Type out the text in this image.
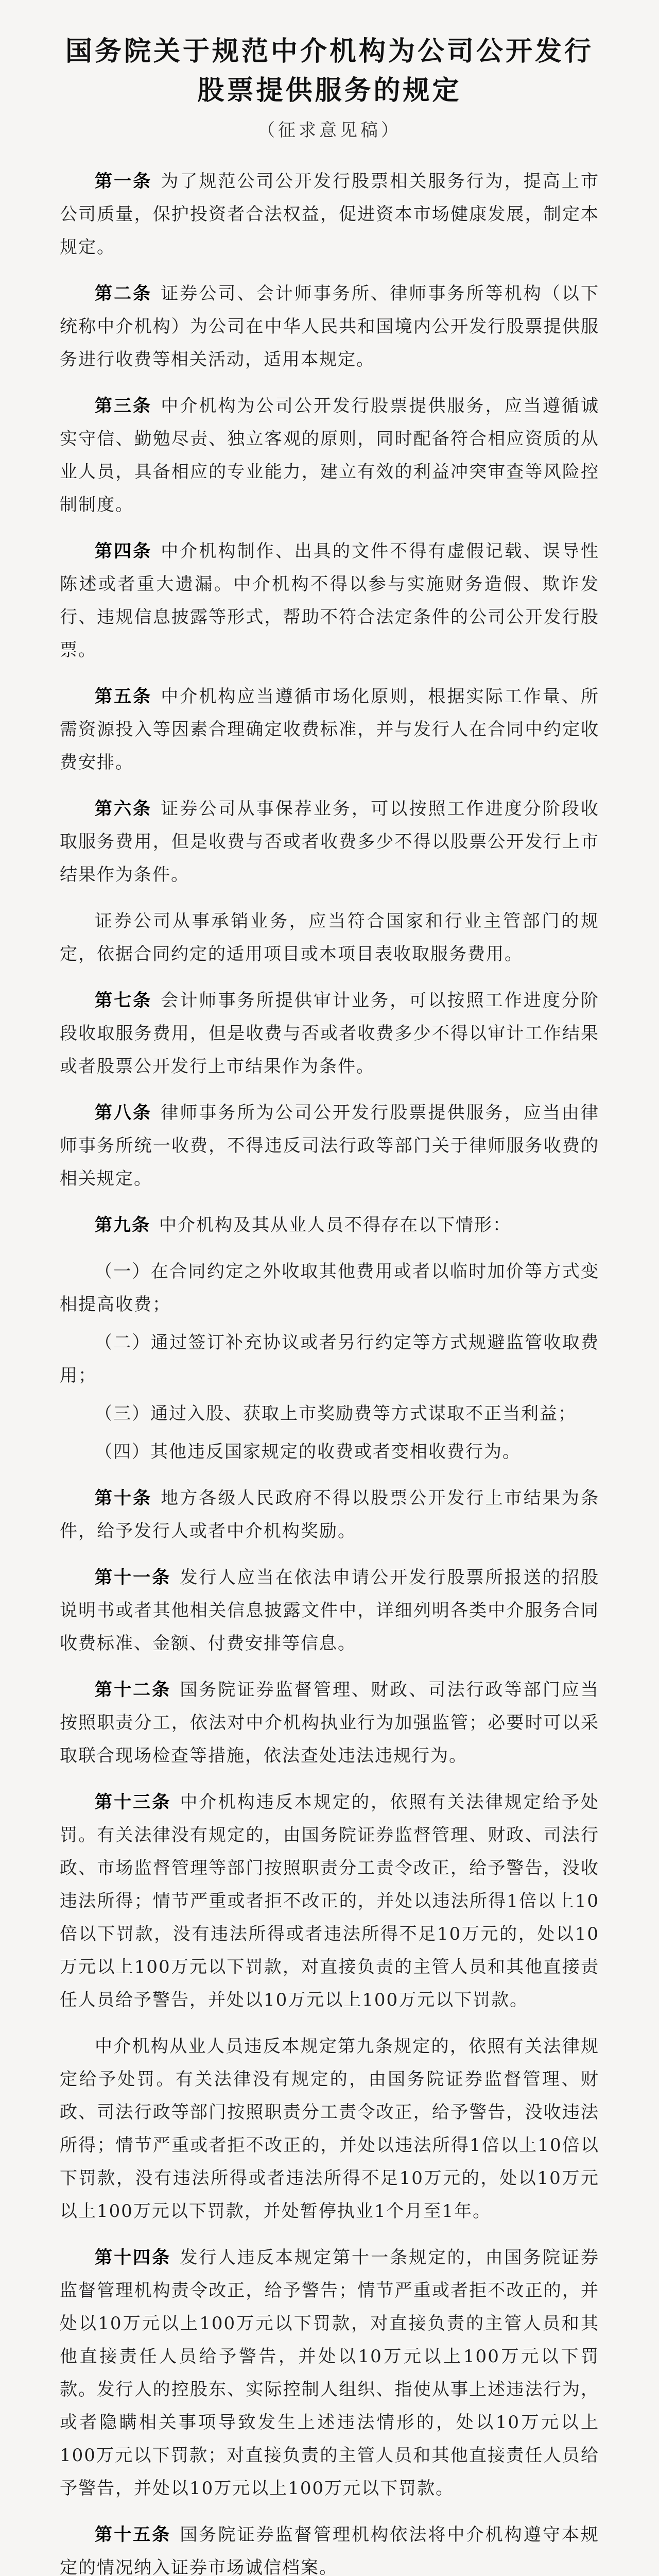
国务院关于规范中介机构为公司公开发行股票提供服务的规定
（征求意见稿）

第一条 为了规范公司公开发行股票相关服务行为，提高上市公司质量，保护投资者合法权益，促进资本市场健康发展，制定本规定。

第二条 证券公司、会计师事务所、律师事务所等机构（以下统称中介机构）为公司在中华人民共和国境内公开发行股票提供服务进行收费等相关活动，适用本规定。

第三条 中介机构为公司公开发行股票提供服务，应当遵循诚实守信、勤勉尽责、独立客观的原则，同时配备符合相应资质的从业人员，具备相应的专业能力，建立有效的利益冲突审查等风险控制制度。

第四条 中介机构制作、出具的文件不得有虚假记载、误导性陈述或者重大遗漏。中介机构不得以参与实施财务造假、欺诈发行、违规信息披露等形式，帮助不符合法定条件的公司公开发行股票。

第五条 中介机构应当遵循市场化原则，根据实际工作量、所需资源投入等因素合理确定收费标准，并与发行人在合同中约定收费安排。

第六条 证券公司从事保荐业务，可以按照工作进度分阶段收取服务费用，但是收费与否或者收费多少不得以股票公开发行上市结果作为条件。

证券公司从事承销业务，应当符合国家和行业主管部门的规定，依据合同约定的适用项目或本项目表收取服务费用。

第七条 会计师事务所提供审计业务，可以按照工作进度分阶段收取服务费用，但是收费与否或者收费多少不得以审计工作结果或者股票公开发行上市结果作为条件。

第八条 律师事务所为公司公开发行股票提供服务，应当由律师事务所统一收费，不得违反司法行政等部门关于律师服务收费的相关规定。

第九条 中介机构及其从业人员不得存在以下情形：

（一）在合同约定之外收取其他费用或者以临时加价等方式变相提高收费；

（二）通过签订补充协议或者另行约定等方式规避监管收取费用；

（三）通过入股、获取上市奖励费等方式谋取不正当利益；

（四）其他违反国家规定的收费或者变相收费行为。

第十条 地方各级人民政府不得以股票公开发行上市结果为条件，给予发行人或者中介机构奖励。

第十一条 发行人应当在依法申请公开发行股票所报送的招股说明书或者其他相关信息披露文件中，详细列明各类中介服务合同收费标准、金额、付费安排等信息。

第十二条 国务院证券监督管理、财政、司法行政等部门应当按照职责分工，依法对中介机构执业行为加强监管；必要时可以采取联合现场检查等措施，依法查处违法违规行为。

第十三条 中介机构违反本规定的，依照有关法律规定给予处罚。有关法律没有规定的，由国务院证券监督管理、财政、司法行政、市场监督管理等部门按照职责分工责令改正，给予警告，没收违法所得；情节严重或者拒不改正的，并处以违法所得1倍以上10倍以下罚款，没有违法所得或者违法所得不足10万元的，处以10万元以上100万元以下罚款，对直接负责的主管人员和其他直接责任人员给予警告，并处以10万元以上100万元以下罚款。

中介机构从业人员违反本规定第九条规定的，依照有关法律规定给予处罚。有关法律没有规定的，由国务院证券监督管理、财政、司法行政等部门按照职责分工责令改正，给予警告，没收违法所得；情节严重或者拒不改正的，并处以违法所得1倍以上10倍以下罚款，没有违法所得或者违法所得不足10万元的，处以10万元以上100万元以下罚款，并处暂停执业1个月至1年。

第十四条 发行人违反本规定第十一条规定的，由国务院证券监督管理机构责令改正，给予警告；情节严重或者拒不改正的，并处以10万元以上100万元以下罚款，对直接负责的主管人员和其他直接责任人员给予警告，并处以10万元以上100万元以下罚款。发行人的控股东、实际控制人组织、指使从事上述违法行为，或者隐瞒相关事项导致发生上述违法情形的，处以10万元以上100万元以下罚款；对直接负责的主管人员和其他直接责任人员给予警告，并处以10万元以上100万元以下罚款。

第十五条 国务院证券监督管理机构依法将中介机构遵守本规定的情况纳入证券市场诚信档案。
